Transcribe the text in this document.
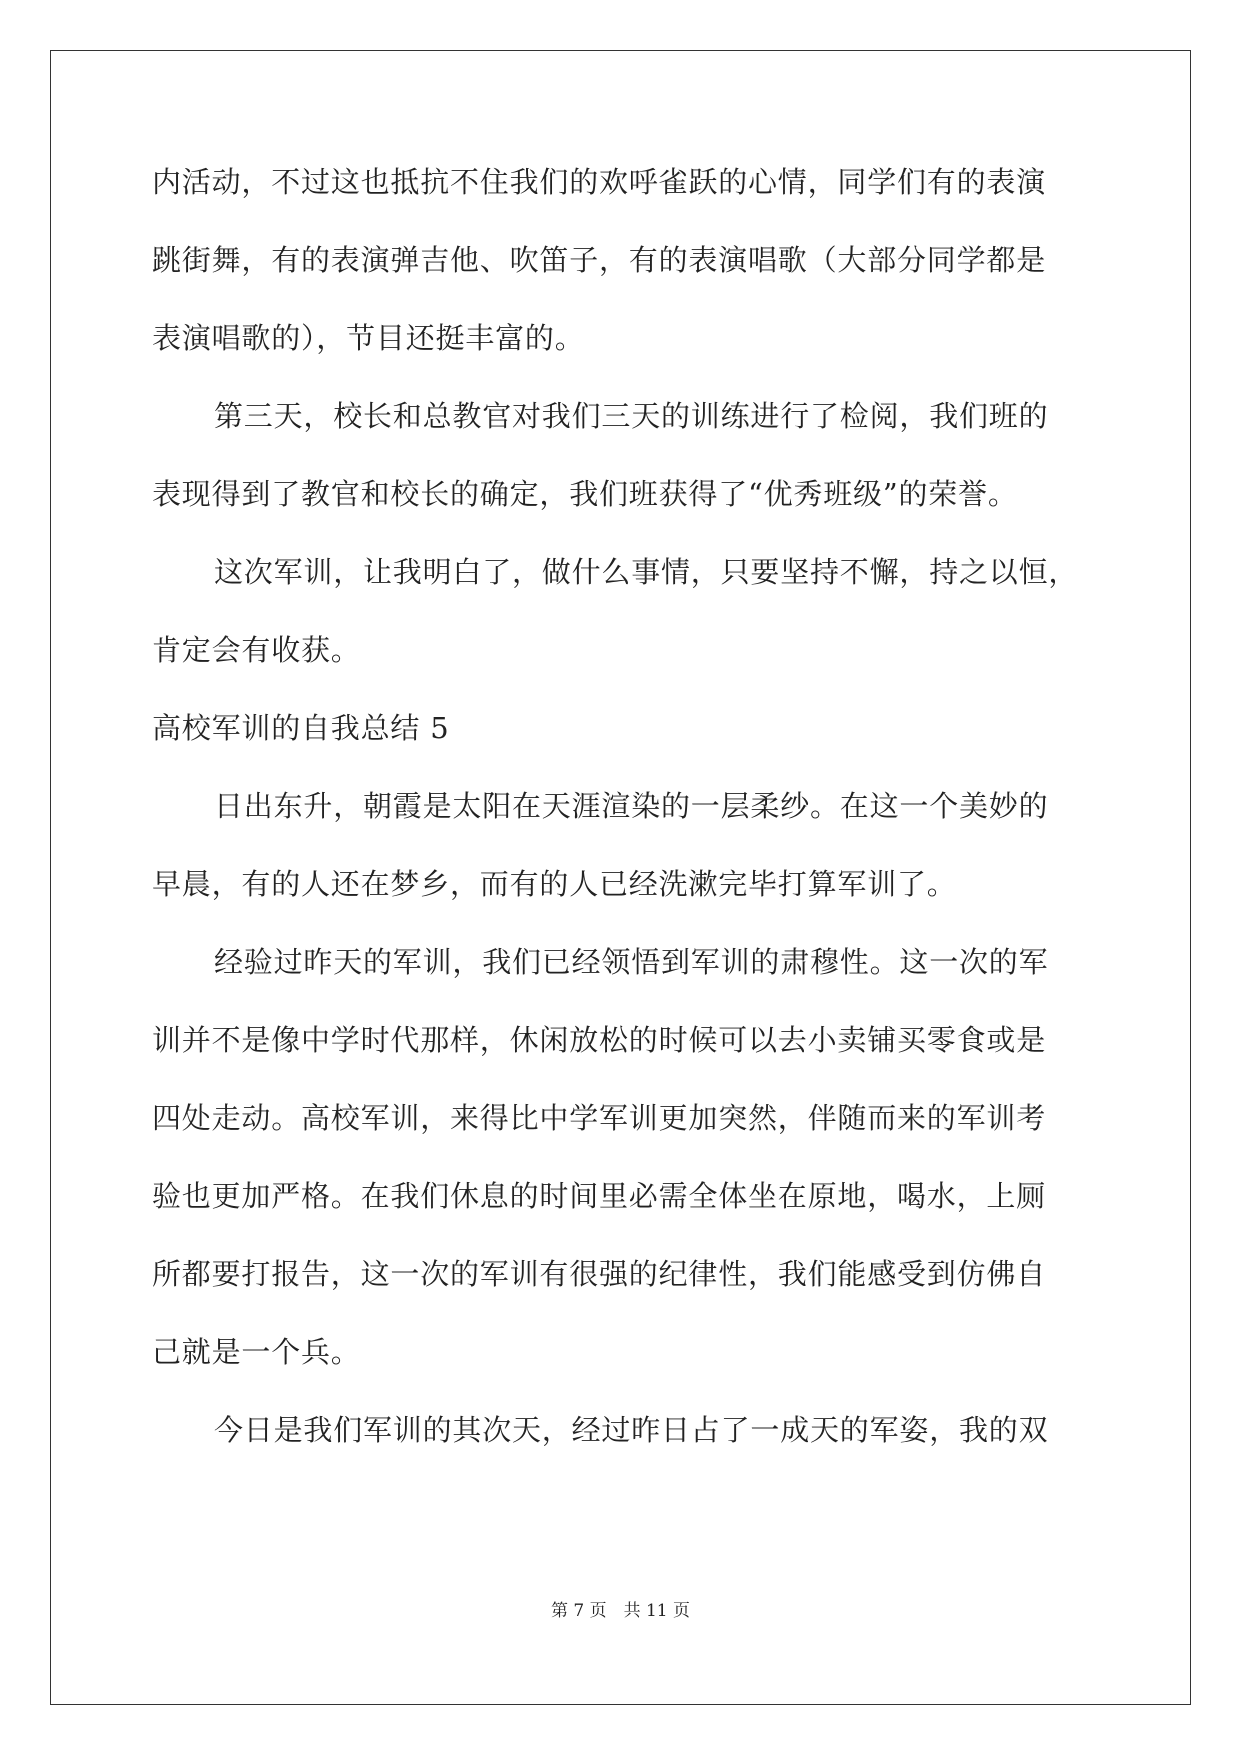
内活动，不过这也抵抗不住我们的欢呼雀跃的心情，同学们有的表演
跳街舞，有的表演弹吉他、吹笛子，有的表演唱歌（大部分同学都是
表演唱歌的），节目还挺丰富的。
第三天，校长和总教官对我们三天的训练进行了检阅，我们班的
表现得到了教官和校长的确定，我们班获得了“优秀班级”的荣誉。
这次军训，让我明白了，做什么事情，只要坚持不懈，持之以恒，
肯定会有收获。
高校军训的自我总结 5
日出东升，朝霞是太阳在天涯渲染的一层柔纱。在这一个美妙的
早晨，有的人还在梦乡，而有的人已经洗漱完毕打算军训了。
经验过昨天的军训，我们已经领悟到军训的肃穆性。这一次的军
训并不是像中学时代那样，休闲放松的时候可以去小卖铺买零食或是
四处走动。高校军训，来得比中学军训更加突然，伴随而来的军训考
验也更加严格。在我们休息的时间里必需全体坐在原地，喝水，上厕
所都要打报告，这一次的军训有很强的纪律性，我们能感受到仿佛自
己就是一个兵。
今日是我们军训的其次天，经过昨日占了一成天的军姿，我的双
第 7 页　共 11 页
